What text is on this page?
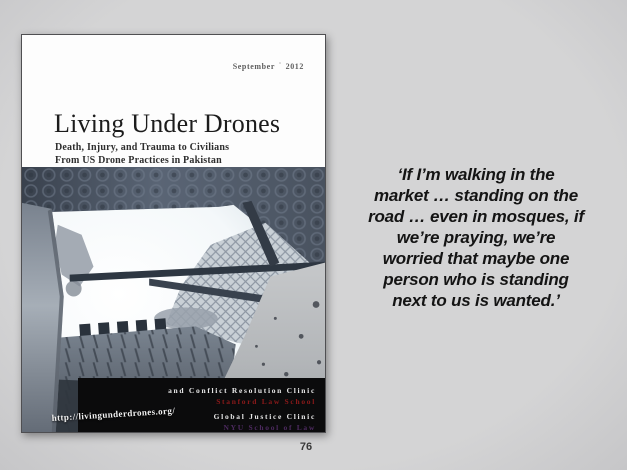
September · 2012
Living Under Drones
Death, Injury, and Trauma to Civilians
From US Drone Practices in Pakistan
and Conflict Resolution Clinic
Stanford Law School
Global Justice Clinic
NYU School of Law
http://livingunderdrones.org/
‘If I’m walking in the
market … standing on the
road … even in mosques, if
we’re praying, we’re
worried that maybe one
person who is standing
next to us is wanted.’
76
